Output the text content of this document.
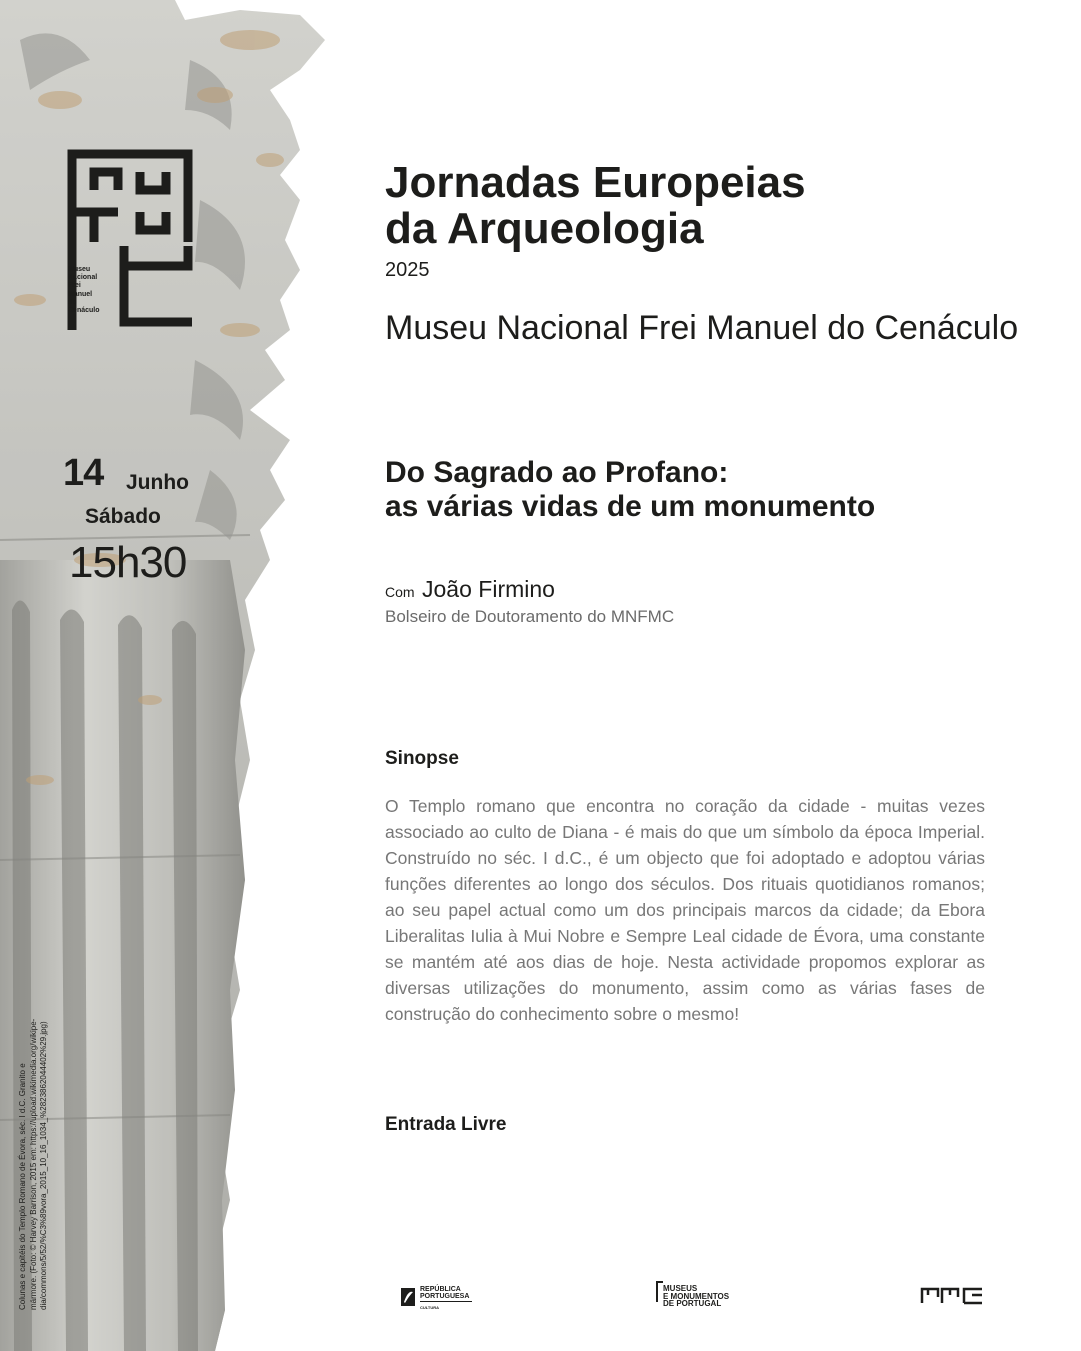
Museu
Nacional
Frei
Manuel
do
Cenáculo
14 Junho
Sábado
15h30
Colunas e capitéis do Templo Romano de Évora, séc. I d.C. Granito e mármore. (Foto: © Harvey Barrison, 2015 em: https://upload.wikimedia.org/wikipe- dia/commons/5/52/%C3%89vora_2015_10_16_1034_%2823862044402%29.jpg)
Jornadas Europeias
da Arqueologia
2025
Museu Nacional Frei Manuel do Cenáculo
Do Sagrado ao Profano:
as várias vidas de um monumento
Com João Firmino
Bolseiro de Doutoramento do MNFMC
Sinopse
O Templo romano que encontra no coração da cidade - muitas vezes associado ao culto de Diana - é mais do que um símbolo da época Imperial. Construído no séc. I d.C., é um objecto que foi adoptado e adoptou várias funções diferentes ao longo dos séculos. Dos rituais quotidianos romanos; ao seu papel actual como um dos principais marcos da cidade; da Ebora Liberalitas Iulia à Mui Nobre e Sempre Leal cidade de Évora, uma constante se mantém até aos dias de hoje. Nesta actividade propomos explorar as diversas utilizações do monumento, assim como as várias fases de construção do conhecimento sobre o mesmo!
Entrada Livre
REPÚBLICA
PORTUGUESA
CULTURA
MUSEUS
E MONUMENTOS
DE PORTUGAL
